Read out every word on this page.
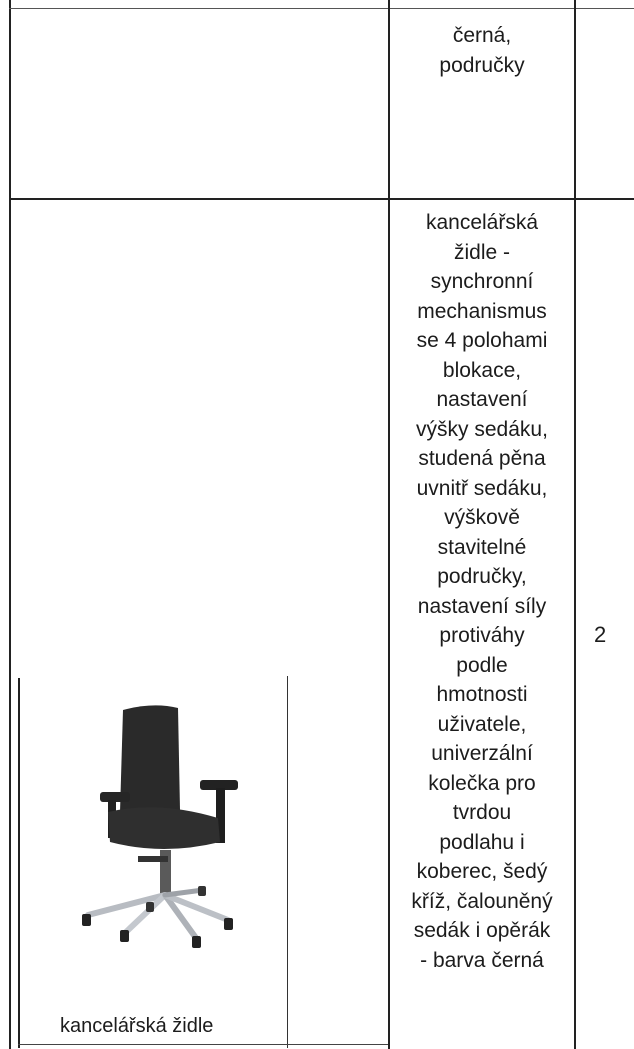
černá,
područky
kancelářská židle
kancelářská
židle -
synchronní
mechanismus
se 4 polohami
blokace,
nastavení
výšky sedáku,
studená pěna
uvnitř sedáku,
výškově
stavitelné
područky,
nastavení síly
protiváhy
podle
hmotnosti
uživatele,
univerzální
kolečka pro
tvrdou
podlahu i
koberec, šedý
kříž, čalouněný
sedák i opěrák
- barva černá
2
